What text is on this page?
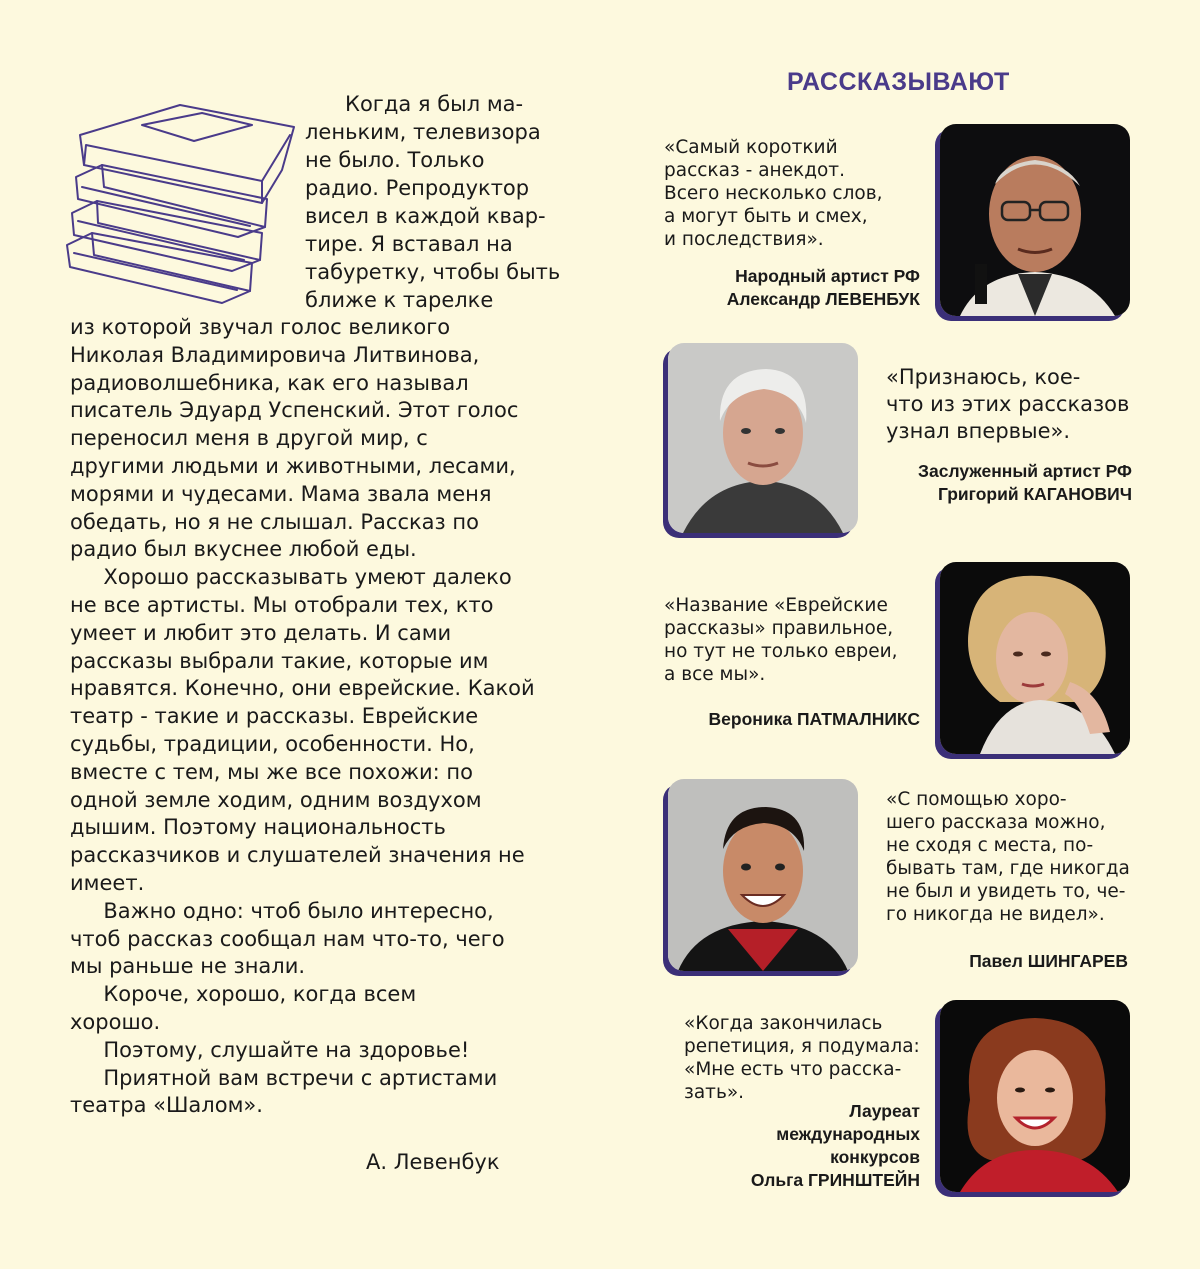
Когда я был ма-
леньким, телевизора
не было. Только
радио. Репродуктор
висел в каждой квар-
тире. Я вставал на
табуретку, чтобы быть
ближе к тарелке
из которой звучал голос великого
Николая Владимировича Литвинова,
радиоволшебника, как его называл
писатель Эдуард Успенский. Этот голос
переносил меня в другой мир, с
другими людьми и животными, лесами,
морями и чудесами. Мама звала меня
обедать, но я не слышал. Рассказ по
радио был вкуснее любой еды.
Хорошо рассказывать умеют далеко
не все артисты. Мы отобрали тех, кто
умеет и любит это делать. И сами
рассказы выбрали такие, которые им
нравятся. Конечно, они еврейские. Какой
театр - такие и рассказы. Еврейские
судьбы, традиции, особенности. Но,
вместе с тем, мы же все похожи: по
одной земле ходим, одним воздухом
дышим. Поэтому национальность
рассказчиков и слушателей значения не
имеет.
Важно одно: чтоб было интересно,
чтоб рассказ сообщал нам что-то, чего
мы раньше не знали.
Короче, хорошо, когда всем
хорошо.
Поэтому, слушайте на здоровье!
Приятной вам встречи с артистами
театра «Шалом».
А. Левенбук
РАССКАЗЫВАЮТ
«Самый короткий
рассказ - анекдот.
Всего несколько слов,
а могут быть и смех,
и последствия».
Народный артист РФ
Александр ЛЕВЕНБУК
«Признаюсь, кое-
что из этих рассказов
узнал впервые».
Заслуженный артист РФ
Григорий КАГАНОВИЧ
«Название «Еврейские
рассказы» правильное,
но тут не только евреи,
а все мы».
Вероника ПАТМАЛНИКС
«С помощью хоро-
шего рассказа можно,
не сходя с места, по-
бывать там, где никогда
не был и увидеть то, че-
го никогда не видел».
Павел ШИНГАРЕВ
«Когда закончилась
репетиция, я подумала:
«Мне есть что расска-
зать».
Лауреат
международных
конкурсов
Ольга ГРИНШТЕЙН
